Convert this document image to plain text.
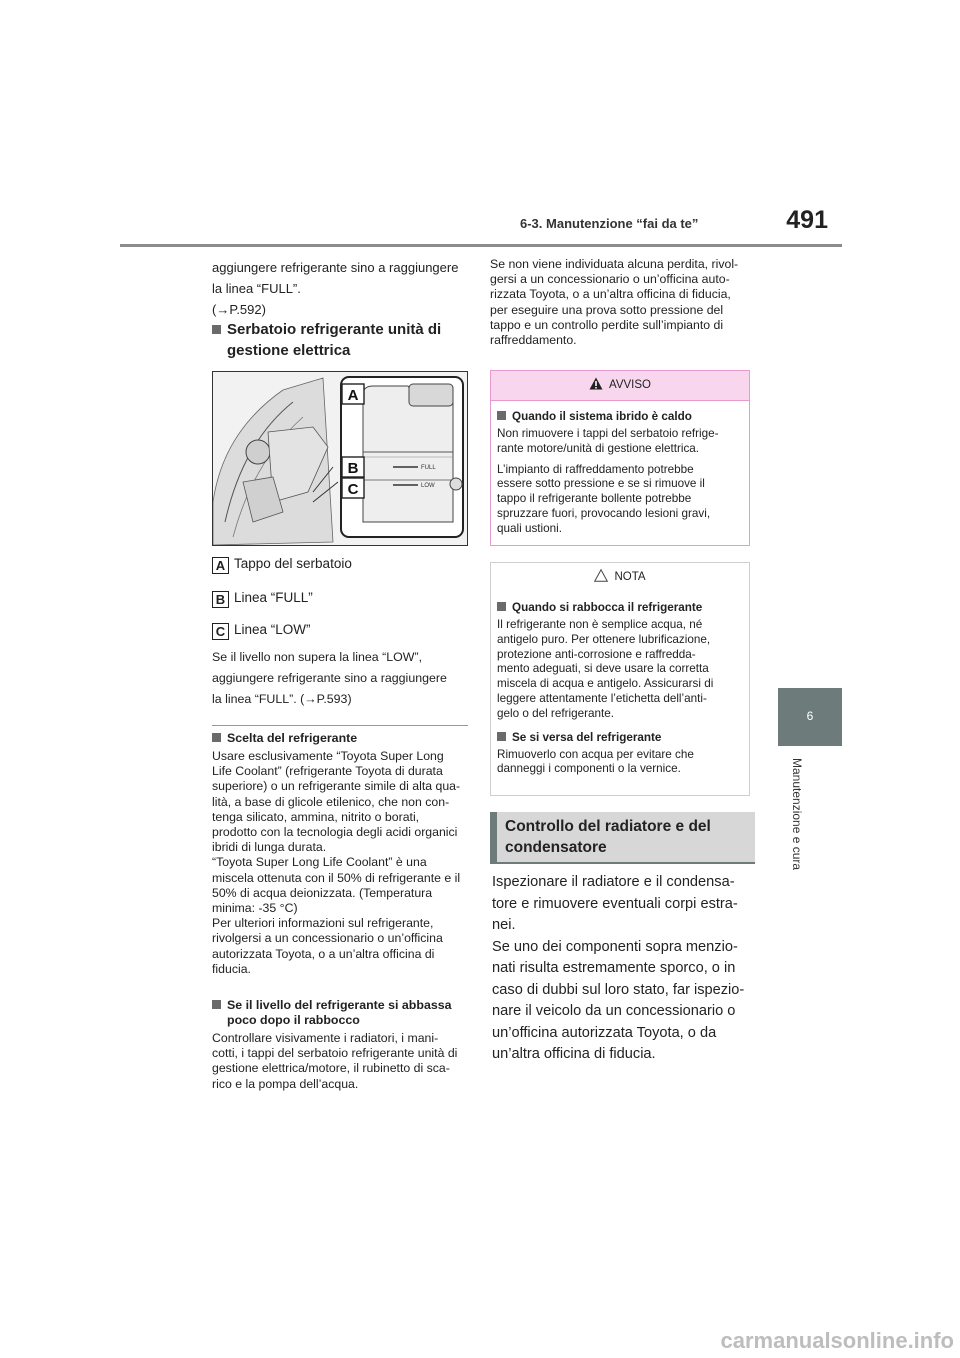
6-3. Manutenzione “fai da te”	491
6
Manutenzione e cura
aggiungere refrigerante sino a raggiungere
la linea “FULL”.
(→P.592)
Serbatoio refrigerante unità di
gestione elettrica
A
B
C
FULL
LOW
A Tappo del serbatoio
B Linea “FULL”
C Linea “LOW”
Se il livello non supera la linea “LOW”,
aggiungere refrigerante sino a raggiungere
la linea “FULL”. (→P.593)
Scelta del refrigerante
Usare esclusivamente “Toyota Super Long
Life Coolant” (refrigerante Toyota di durata
superiore) o un refrigerante simile di alta qua-
lità, a base di glicole etilenico, che non con-
tenga silicato, ammina, nitrito o borati,
prodotto con la tecnologia degli acidi organici
ibridi di lunga durata.
“Toyota Super Long Life Coolant” è una
miscela ottenuta con il 50% di refrigerante e il
50% di acqua deionizzata. (Temperatura
minima: -35 °C)
Per ulteriori informazioni sul refrigerante,
rivolgersi a un concessionario o un’officina
autorizzata Toyota, o a un’altra officina di
fiducia.
Se il livello del refrigerante si abbassa
poco dopo il rabbocco
Controllare visivamente i radiatori, i mani-
cotti, i tappi del serbatoio refrigerante unità di
gestione elettrica/motore, il rubinetto di sca-
rico e la pompa dell’acqua.
Se non viene individuata alcuna perdita, rivol-
gersi a un concessionario o un’officina auto-
rizzata Toyota, o a un’altra officina di fiducia,
per eseguire una prova sotto pressione del
tappo e un controllo perdite sull’impianto di
raffreddamento.
AVVISO
Quando il sistema ibrido è caldo
Non rimuovere i tappi del serbatoio refrige-
rante motore/unità di gestione elettrica.
L’impianto di raffreddamento potrebbe
essere sotto pressione e se si rimuove il
tappo il refrigerante bollente potrebbe
spruzzare fuori, provocando lesioni gravi,
quali ustioni.
NOTA
Quando si rabbocca il refrigerante
Il refrigerante non è semplice acqua, né
antigelo puro. Per ottenere lubrificazione,
protezione anti-corrosione e raffredda-
mento adeguati, si deve usare la corretta
miscela di acqua e antigelo. Assicurarsi di
leggere attentamente l’etichetta dell’anti-
gelo o del refrigerante.
Se si versa del refrigerante
Rimuoverlo con acqua per evitare che
danneggi i componenti o la vernice.
Controllo del radiatore e del
condensatore
Ispezionare il radiatore e il condensa-
tore e rimuovere eventuali corpi estra-
nei.
Se uno dei componenti sopra menzio-
nati risulta estremamente sporco, o in
caso di dubbi sul loro stato, far ispezio-
nare il veicolo da un concessionario o
un’officina autorizzata Toyota, o da
un’altra officina di fiducia.
carmanualsonline.info
